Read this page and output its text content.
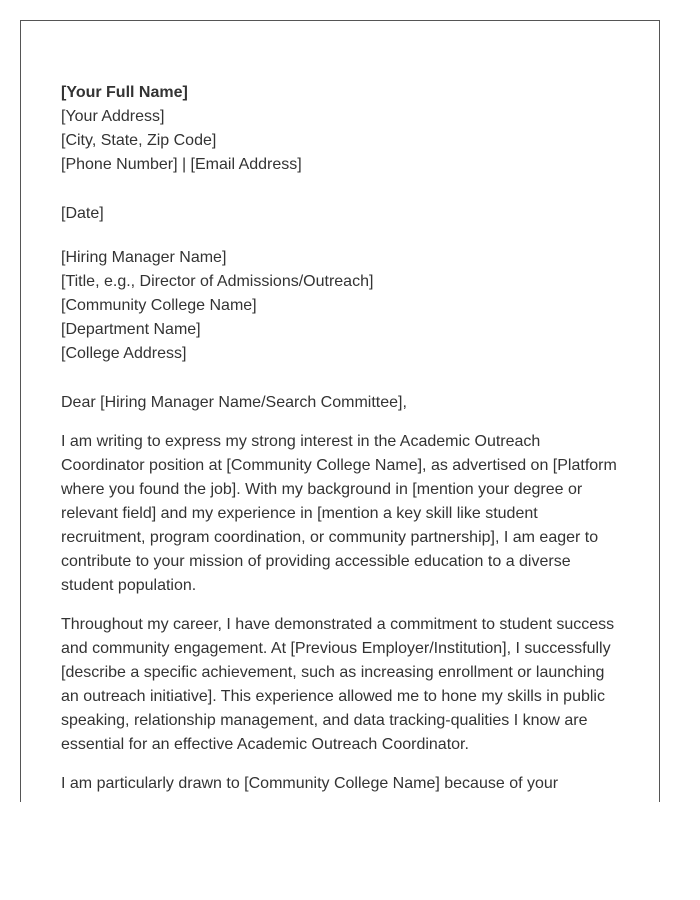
[Your Full Name]
[Your Address]
[City, State, Zip Code]
[Phone Number] | [Email Address]
[Date]
[Hiring Manager Name]
[Title, e.g., Director of Admissions/Outreach]
[Community College Name]
[Department Name]
[College Address]
Dear [Hiring Manager Name/Search Committee],

I am writing to express my strong interest in the Academic Outreach Coordinator position at [Community College Name], as advertised on [Platform where you found the job]. With my background in [mention your degree or relevant field] and my experience in [mention a key skill like student recruitment, program coordination, or community partnership], I am eager to contribute to your mission of providing accessible education to a diverse student population.

Throughout my career, I have demonstrated a commitment to student success and community engagement. At [Previous Employer/Institution], I successfully [describe a specific achievement, such as increasing enrollment or launching an outreach initiative]. This experience allowed me to hone my skills in public speaking, relationship management, and data tracking-qualities I know are essential for an effective Academic Outreach Coordinator.

I am particularly drawn to [Community College Name] because of your
